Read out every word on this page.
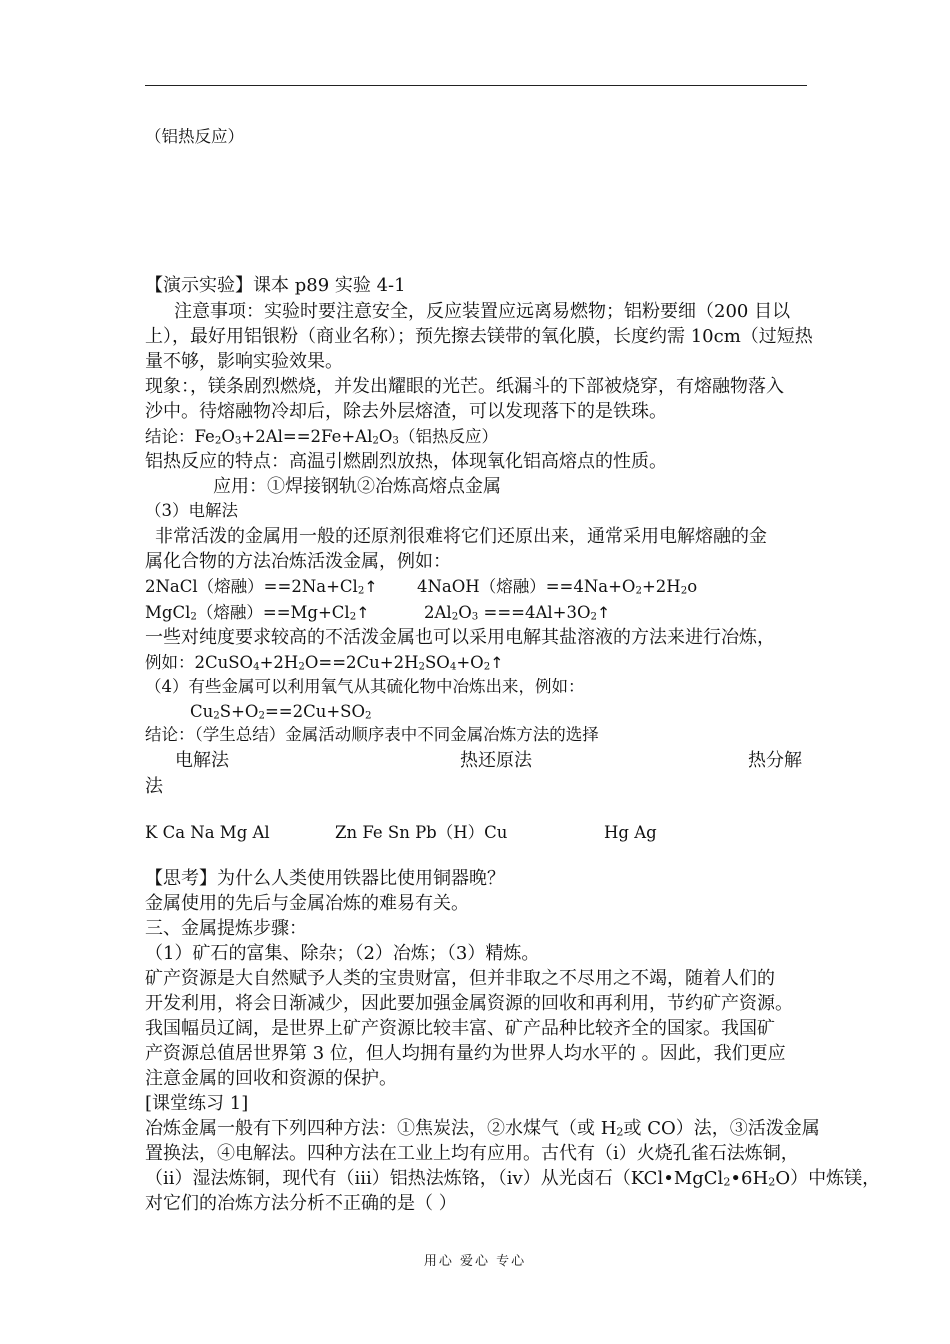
（铝热反应）
【演示实验】课本 p89 实验 4-1
注意事项：实验时要注意安全，反应装置应远离易燃物；铝粉要细（200 目以
上），最好用铝银粉（商业名称）；预先擦去镁带的氧化膜，长度约需 10cm（过短热
量不够，影响实验效果。
现象：，镁条剧烈燃烧，并发出耀眼的光芒。纸漏斗的下部被烧穿，有熔融物落入
沙中。待熔融物冷却后，除去外层熔渣，可以发现落下的是铁珠。
结论：$Fe_2O_3+2Al==2Fe+Al_2O_3$（铝热反应）
铝热反应的特点：高温引燃剧烈放热，体现氧化铝高熔点的性质。
应用：①焊接钢轨②冶炼高熔点金属
（3）电解法
非常活泼的金属用一般的还原剂很难将它们还原出来，通常采用电解熔融的金
属化合物的方法冶炼活泼金属，例如：
2NaCl（熔融）$==2Na+Cl_2↑$ 4NaOH（熔融）$==4Na+O_2+2H_2o$
MgCl$_2$（熔融）$==Mg+Cl_2↑$	$2Al_2O_3$ $===4Al+3O_2↑$
一些对纯度要求较高的不活泼金属也可以采用电解其盐溶液的方法来进行冶炼，
例如：$2CuSO_4+2H_2O==2Cu+2H_2SO_4+O_2↑$
（4）有些金属可以利用氧气从其硫化物中冶炼出来，例如：
$Cu_2S+O_2==2Cu+SO_2$
结论：（学生总结）金属活动顺序表中不同金属冶炼方法的选择
电解法	热还原法	热分解
法
K Ca Na Mg Al	Zn Fe Sn Pb（H）Cu	Hg Ag
【思考】为什么人类使用铁器比使用铜器晚？
金属使用的先后与金属冶炼的难易有关。
三、金属提炼步骤：
（1）矿石的富集、除杂；（2）冶炼；（3）精炼。
矿产资源是大自然赋予人类的宝贵财富，但并非取之不尽用之不竭，随着人们的
开发利用，将会日渐减少，因此要加强金属资源的回收和再利用，节约矿产资源。
我国幅员辽阔，是世界上矿产资源比较丰富、矿产品种比较齐全的国家。我国矿
产资源总值居世界第 3 位，但人均拥有量约为世界人均水平的 。因此，我们更应
注意金属的回收和资源的保护。
[课堂练习 1]
冶炼金属一般有下列四种方法：①焦炭法，②水煤气（或 $H_2$或 CO）法，③活泼金属
置换法，④电解法。四种方法在工业上均有应用。古代有（ⅰ）火烧孔雀石法炼铜，
（ⅱ）湿法炼铜，现代有（ⅲ）铝热法炼铬，（ⅳ）从光卤石$(KCl•MgCl_2•6H_2O)$中炼镁，
对它们的冶炼方法分析不正确的是（ ）
用心 爱心 专心
